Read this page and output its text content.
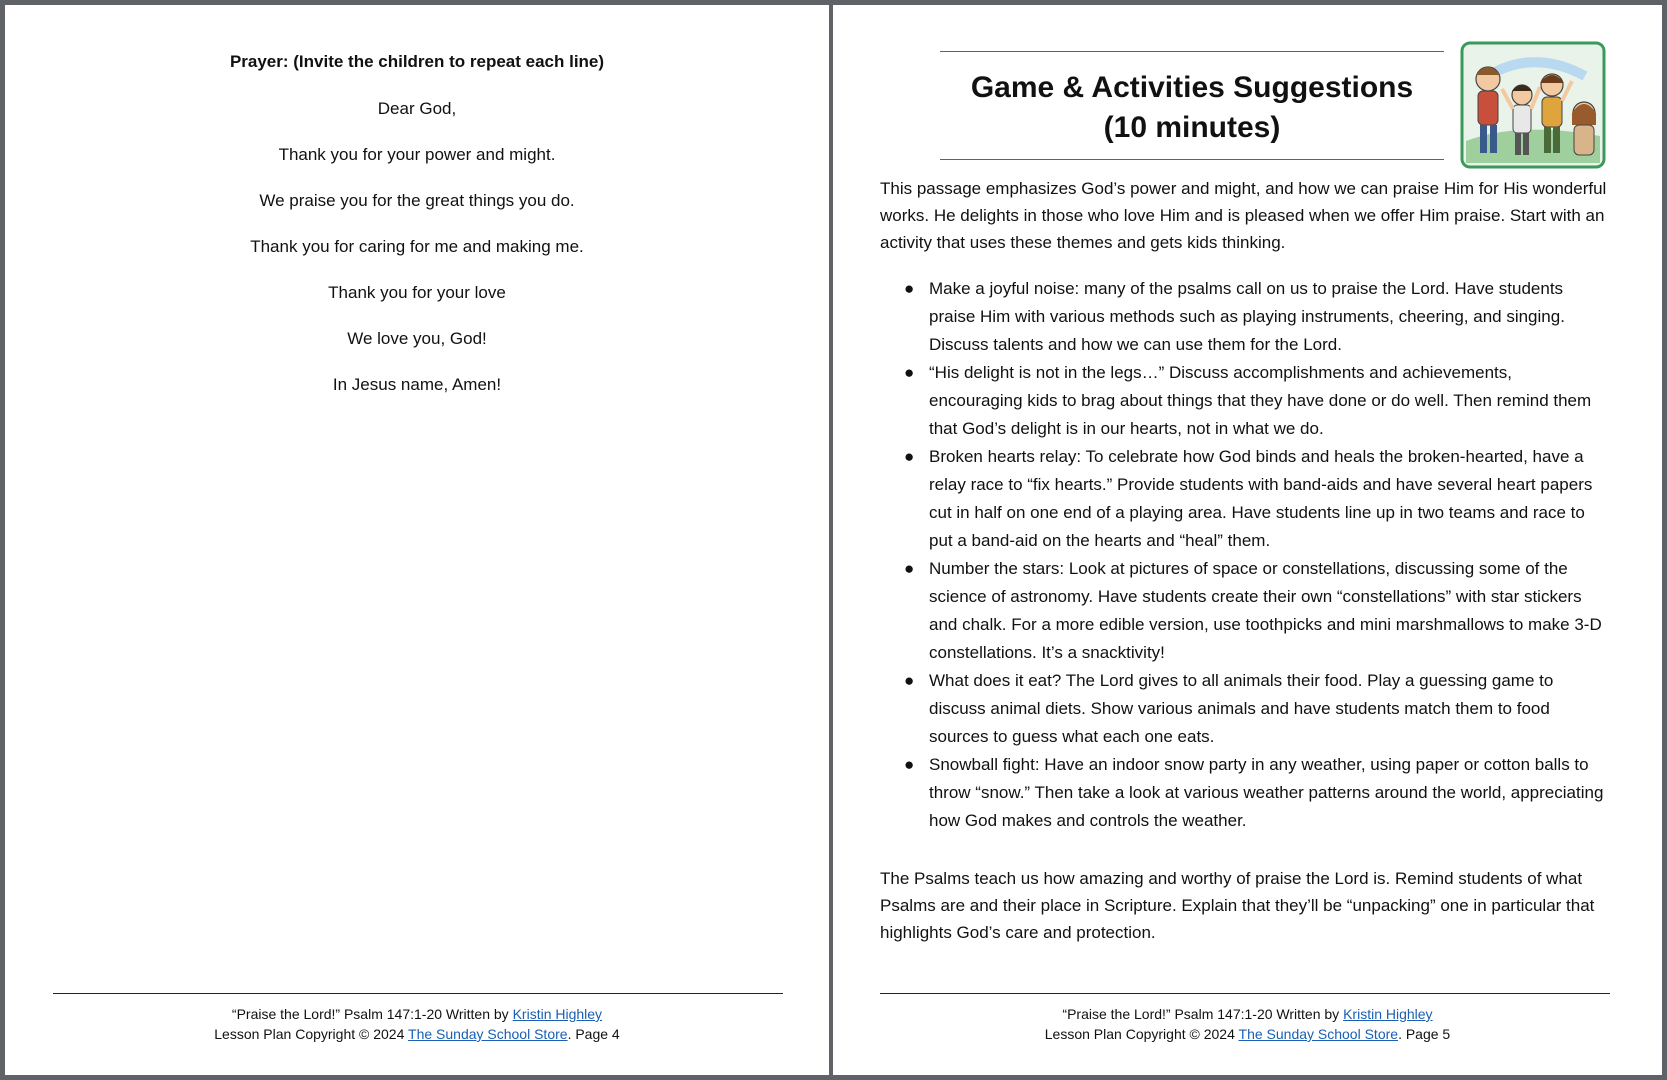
Prayer: (Invite the children to repeat each line)

Dear God,

Thank you for your power and might.

We praise you for the great things you do.

Thank you for caring for me and making me.

Thank you for your love

We love you, God!

In Jesus name, Amen!

“Praise the Lord!” Psalm 147:1-20 Written by Kristin Highley
Lesson Plan Copyright © 2024 The Sunday School Store. Page 4
Game & Activities Suggestions
(10 minutes)

This passage emphasizes God’s power and might, and how we can praise Him for His wonderful works. He delights in those who love Him and is pleased when we offer Him praise. Start with an activity that uses these themes and gets kids thinking.

● Make a joyful noise: many of the psalms call on us to praise the Lord. Have students praise Him with various methods such as playing instruments, cheering, and singing. Discuss talents and how we can use them for the Lord.
● “His delight is not in the legs…” Discuss accomplishments and achievements, encouraging kids to brag about things that they have done or do well. Then remind them that God’s delight is in our hearts, not in what we do.
● Broken hearts relay: To celebrate how God binds and heals the broken-hearted, have a relay race to “fix hearts.” Provide students with band-aids and have several heart papers cut in half on one end of a playing area. Have students line up in two teams and race to put a band-aid on the hearts and “heal” them.
● Number the stars: Look at pictures of space or constellations, discussing some of the science of astronomy. Have students create their own “constellations” with star stickers and chalk. For a more edible version, use toothpicks and mini marshmallows to make 3-D constellations. It’s a snacktivity!
● What does it eat? The Lord gives to all animals their food. Play a guessing game to discuss animal diets. Show various animals and have students match them to food sources to guess what each one eats.
● Snowball fight: Have an indoor snow party in any weather, using paper or cotton balls to throw “snow.” Then take a look at various weather patterns around the world, appreciating how God makes and controls the weather.

The Psalms teach us how amazing and worthy of praise the Lord is. Remind students of what Psalms are and their place in Scripture. Explain that they’ll be “unpacking” one in particular that highlights God’s care and protection.

“Praise the Lord!” Psalm 147:1-20 Written by Kristin Highley
Lesson Plan Copyright © 2024 The Sunday School Store. Page 5
